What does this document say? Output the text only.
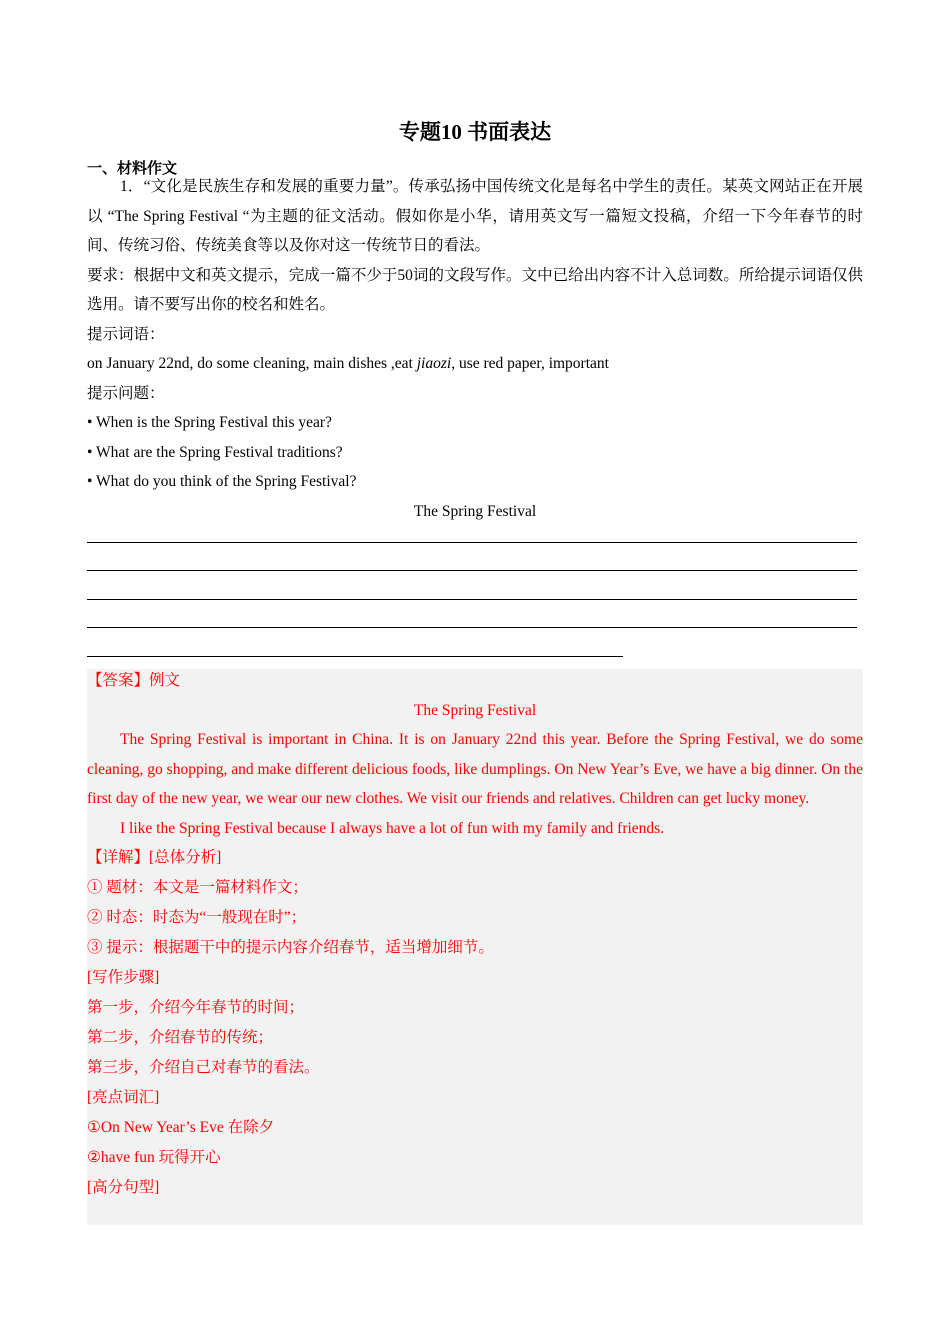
专题10 书面表达
一、材料作文

1．“文化是民族生存和发展的重要力量”。传承弘扬中国传统文化是每名中学生的责任。某英文网站正在开展以 “The Spring Festival “为主题的征文活动。假如你是小华，请用英文写一篇短文投稿，介绍一下今年春节的时间、传统习俗、传统美食等以及你对这一传统节日的看法。

要求：根据中文和英文提示，完成一篇不少于50词的文段写作。文中已给出内容不计入总词数。所给提示词语仅供选用。请不要写出你的校名和姓名。

提示词语：

on January 22nd, do some cleaning, main dishes ,eat jiaozi, use red paper, important

提示问题：

• When is the Spring Festival this year?

• What are the Spring Festival traditions?

• What do you think of the Spring Festival?

The Spring Festival

【答案】例文

The Spring Festival

The Spring Festival is important in China. It is on January 22nd this year. Before the Spring Festival, we do some cleaning, go shopping, and make different delicious foods, like dumplings. On New Year’s Eve, we have a big dinner. On the first day of the new year, we wear our new clothes. We visit our friends and relatives. Children can get lucky money.

I like the Spring Festival because I always have a lot of fun with my family and friends.

【详解】[总体分析]

① 题材：本文是一篇材料作文；

② 时态：时态为“一般现在时”；

③ 提示：根据题干中的提示内容介绍春节，适当增加细节。

[写作步骤]

第一步，介绍今年春节的时间；

第二步，介绍春节的传统；

第三步，介绍自己对春节的看法。

[亮点词汇]

①On New Year’s Eve 在除夕

②have fun 玩得开心

[高分句型]
